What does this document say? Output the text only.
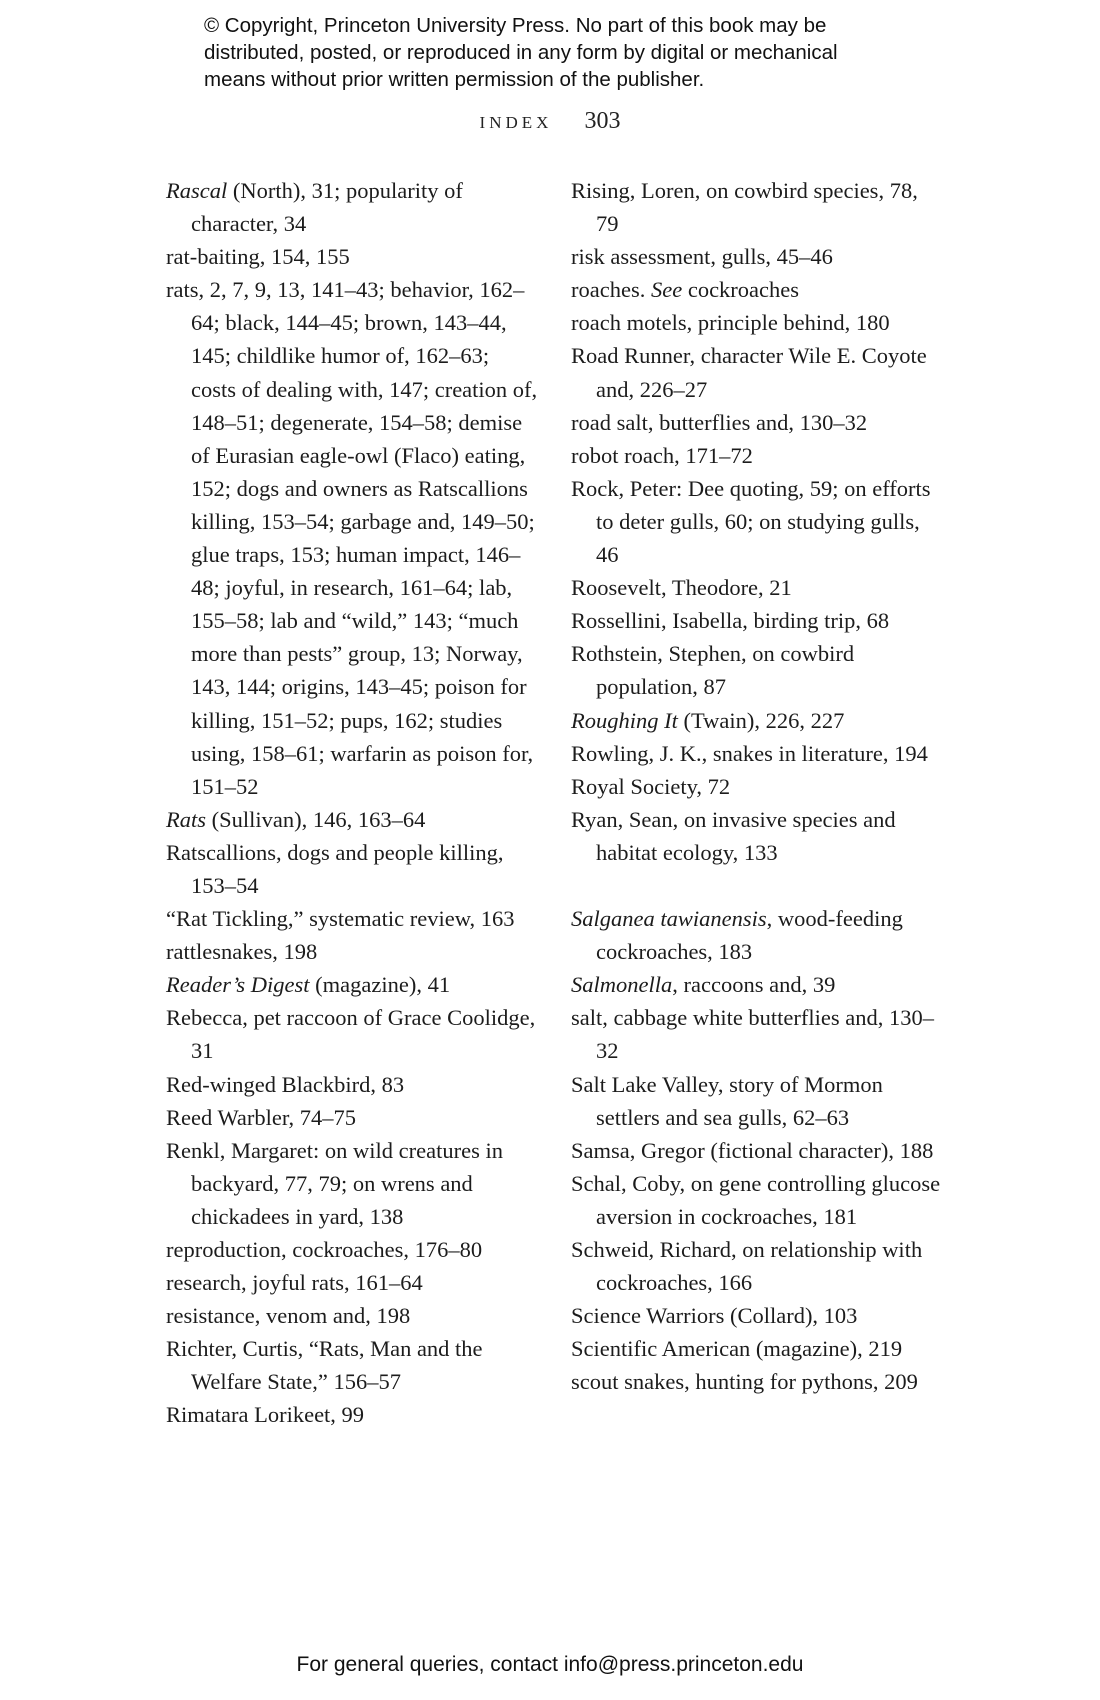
© Copyright, Princeton University Press. No part of this book may be
distributed, posted, or reproduced in any form by digital or mechanical
means without prior written permission of the publisher.
INDEX 303
Rascal (North), 31; popularity of character, 34
rat-baiting, 154, 155
rats, 2, 7, 9, 13, 141–43; behavior, 162–64; black, 144–45; brown, 143–44, 145; childlike humor of, 162–63; costs of dealing with, 147; creation of, 148–51; degenerate, 154–58; demise of Eurasian eagle-owl (Flaco) eating, 152; dogs and owners as Ratscallions killing, 153–54; garbage and, 149–50; glue traps, 153; human impact, 146–48; joyful, in research, 161–64; lab, 155–58; lab and “wild,” 143; “much more than pests” group, 13; Norway, 143, 144; origins, 143–45; poison for killing, 151–52; pups, 162; studies using, 158–61; warfarin as poison for, 151–52
Rats (Sullivan), 146, 163–64
Ratscallions, dogs and people killing, 153–54
“Rat Tickling,” systematic review, 163
rattlesnakes, 198
Reader’s Digest (magazine), 41
Rebecca, pet raccoon of Grace Coolidge, 31
Red-winged Blackbird, 83
Reed Warbler, 74–75
Renkl, Margaret: on wild creatures in backyard, 77, 79; on wrens and chickadees in yard, 138
reproduction, cockroaches, 176–80
research, joyful rats, 161–64
resistance, venom and, 198
Richter, Curtis, “Rats, Man and the Welfare State,” 156–57
Rimatara Lorikeet, 99
Rising, Loren, on cowbird species, 78, 79
risk assessment, gulls, 45–46
roaches. See cockroaches
roach motels, principle behind, 180
Road Runner, character Wile E. Coyote and, 226–27
road salt, butterflies and, 130–32
robot roach, 171–72
Rock, Peter: Dee quoting, 59; on efforts to deter gulls, 60; on studying gulls, 46
Roosevelt, Theodore, 21
Rossellini, Isabella, birding trip, 68
Rothstein, Stephen, on cowbird population, 87
Roughing It (Twain), 226, 227
Rowling, J. K., snakes in literature, 194
Royal Society, 72
Ryan, Sean, on invasive species and habitat ecology, 133
Salganea tawianensis, wood-feeding cockroaches, 183
Salmonella, raccoons and, 39
salt, cabbage white butterflies and, 130–32
Salt Lake Valley, story of Mormon settlers and sea gulls, 62–63
Samsa, Gregor (fictional character), 188
Schal, Coby, on gene controlling glucose aversion in cockroaches, 181
Schweid, Richard, on relationship with cockroaches, 166
Science Warriors (Collard), 103
Scientific American (magazine), 219
scout snakes, hunting for pythons, 209
For general queries, contact info@press.princeton.edu
